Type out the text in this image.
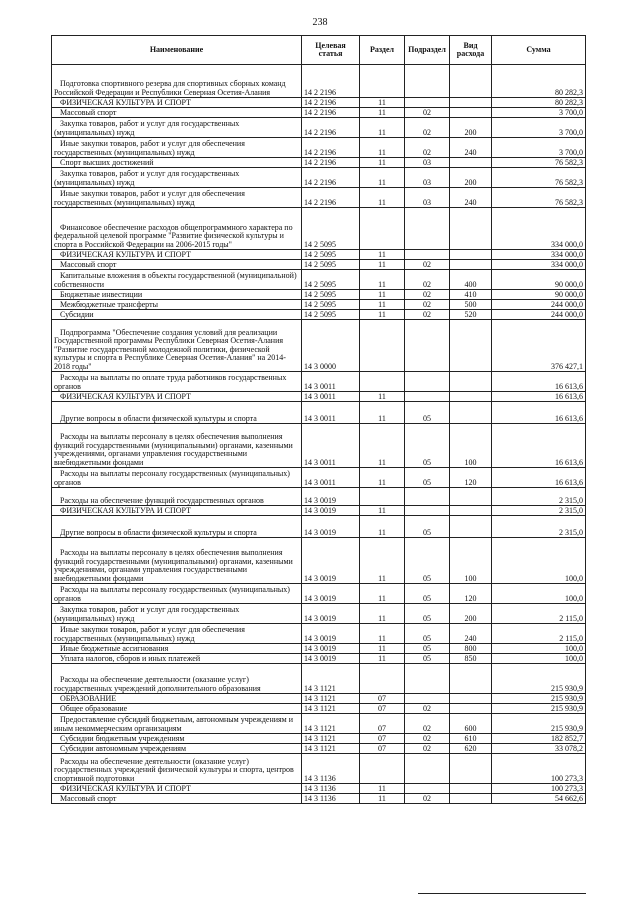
238
Наименование	Целевая статья	Раздел	Подраздел	Вид расхода	Сумма
Подготовка спортивного резерва для спортивных сборных команд Российской Федерации и Республики Северная Осетия-Алания	14 2 2196				80 282,3
ФИЗИЧЕСКАЯ КУЛЬТУРА И СПОРТ	14 2 2196	11			80 282,3
Массовый спорт	14 2 2196	11	02		3 700,0
Закупка товаров, работ и услуг для государственных (муниципальных) нужд	14 2 2196	11	02	200	3 700,0
Иные закупки товаров, работ и услуг для обеспечения государственных (муниципальных) нужд	14 2 2196	11	02	240	3 700,0
Спорт высших достижений	14 2 2196	11	03		76 582,3
Закупка товаров, работ и услуг для государственных (муниципальных) нужд	14 2 2196	11	03	200	76 582,3
Иные закупки товаров, работ и услуг для обеспечения государственных (муниципальных) нужд	14 2 2196	11	03	240	76 582,3
Финансовое обеспечение расходов общепрограммного характера по федеральной целевой программе "Развитие физической культуры и спорта в Российской Федерации на 2006-2015 годы"	14 2 5095				334 000,0
ФИЗИЧЕСКАЯ КУЛЬТУРА И СПОРТ	14 2 5095	11			334 000,0
Массовый спорт	14 2 5095	11	02		334 000,0
Капитальные вложения в объекты государственной (муниципальной) собственности	14 2 5095	11	02	400	90 000,0
Бюджетные инвестиции	14 2 5095	11	02	410	90 000,0
Межбюджетные трансферты	14 2 5095	11	02	500	244 000,0
Субсидии	14 2 5095	11	02	520	244 000,0
Подпрограмма "Обеспечение создания условий для реализации Государственной программы Республики Северная Осетия-Алания "Развитие государственной молодежной политики, физической культуры и спорта в Республике Северная Осетия-Алания" на 2014-2018 годы"	14 3 0000				376 427,1
Расходы на выплаты по оплате труда работников государственных органов	14 3 0011				16 613,6
ФИЗИЧЕСКАЯ КУЛЬТУРА И СПОРТ	14 3 0011	11			16 613,6
Другие вопросы в области физической культуры и спорта	14 3 0011	11	05		16 613,6
Расходы на выплаты персоналу в целях обеспечения выполнения функций государственными (муниципальными) органами, казенными учреждениями, органами управления государственными внебюджетными фондами	14 3 0011	11	05	100	16 613,6
Расходы на выплаты персоналу государственных (муниципальных) органов	14 3 0011	11	05	120	16 613,6
Расходы на обеспечение функций государственных органов	14 3 0019				2 315,0
ФИЗИЧЕСКАЯ КУЛЬТУРА И СПОРТ	14 3 0019	11			2 315,0
Другие вопросы в области физической культуры и спорта	14 3 0019	11	05		2 315,0
Расходы на выплаты персоналу в целях обеспечения выполнения функций государственными (муниципальными) органами, казенными учреждениями, органами управления государственными внебюджетными фондами	14 3 0019	11	05	100	100,0
Расходы на выплаты персоналу государственных (муниципальных) органов	14 3 0019	11	05	120	100,0
Закупка товаров, работ и услуг для государственных (муниципальных) нужд	14 3 0019	11	05	200	2 115,0
Иные закупки товаров, работ и услуг для обеспечения государственных (муниципальных) нужд	14 3 0019	11	05	240	2 115,0
Иные бюджетные ассигнования	14 3 0019	11	05	800	100,0
Уплата налогов, сборов и иных платежей	14 3 0019	11	05	850	100,0
Расходы на обеспечение деятельности (оказание услуг) государственных учреждений дополнительного образования	14 3 1121				215 930,9
ОБРАЗОВАНИЕ	14 3 1121	07			215 930,9
Общее образование	14 3 1121	07	02		215 930,9
Предоставление субсидий бюджетным, автономным учреждениям и иным некоммерческим организациям	14 3 1121	07	02	600	215 930,9
Субсидии бюджетным учреждениям	14 3 1121	07	02	610	182 852,7
Субсидии автономным учреждениям	14 3 1121	07	02	620	33 078,2
Расходы на обеспечение деятельности (оказание услуг) государственных учреждений физической культуры и спорта, центров спортивной подготовки	14 3 1136				100 273,3
ФИЗИЧЕСКАЯ КУЛЬТУРА И СПОРТ	14 3 1136	11			100 273,3
Массовый спорт	14 3 1136	11	02		54 662,6
